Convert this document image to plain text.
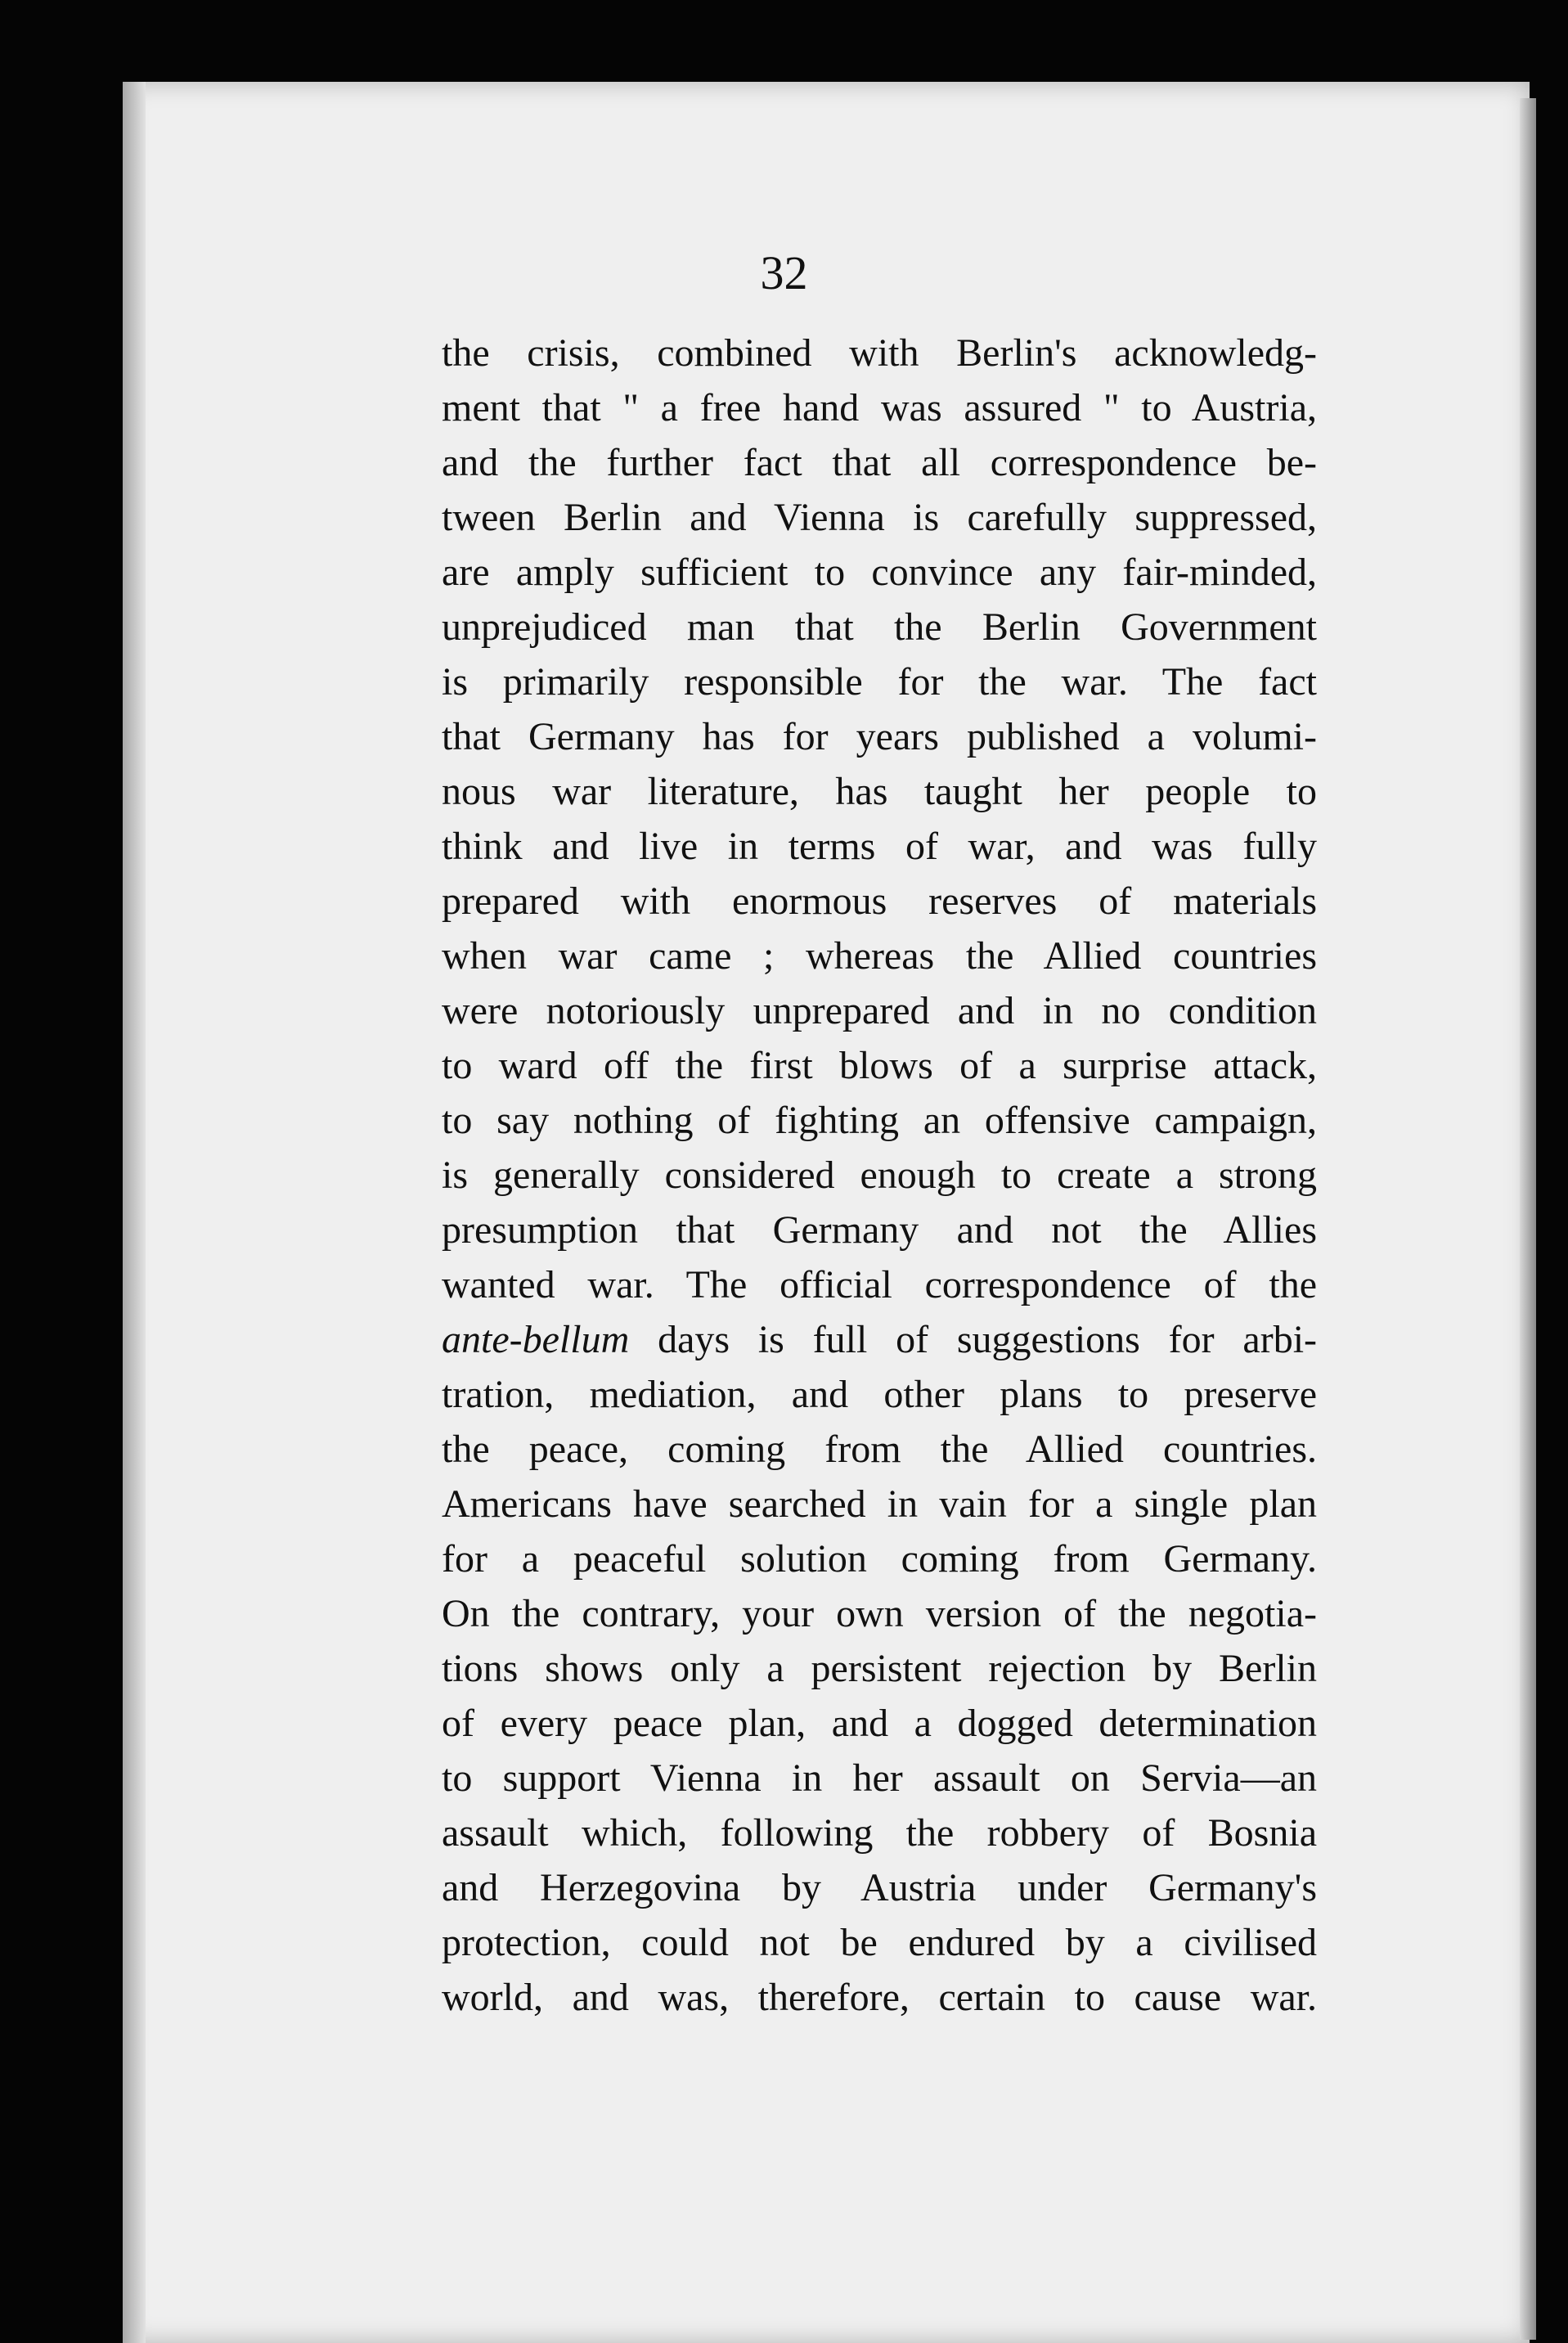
32
the crisis, combined with Berlin's acknowledg-
ment that " a free hand was assured " to Austria,
and the further fact that all correspondence be-
tween Berlin and Vienna is carefully suppressed,
are amply sufficient to convince any fair-minded,
unprejudiced man that the Berlin Government
is primarily responsible for the war. The fact
that Germany has for years published a volumi-
nous war literature, has taught her people to
think and live in terms of war, and was fully
prepared with enormous reserves of materials
when war came ; whereas the Allied countries
were notoriously unprepared and in no condition
to ward off the first blows of a surprise attack,
to say nothing of fighting an offensive campaign,
is generally considered enough to create a strong
presumption that Germany and not the Allies
wanted war. The official correspondence of the
ante-bellum days is full of suggestions for arbi-
tration, mediation, and other plans to preserve
the peace, coming from the Allied countries.
Americans have searched in vain for a single plan
for a peaceful solution coming from Germany.
On the contrary, your own version of the negotia-
tions shows only a persistent rejection by Berlin
of every peace plan, and a dogged determination
to support Vienna in her assault on Servia—an
assault which, following the robbery of Bosnia
and Herzegovina by Austria under Germany's
protection, could not be endured by a civilised
world, and was, therefore, certain to cause war.
